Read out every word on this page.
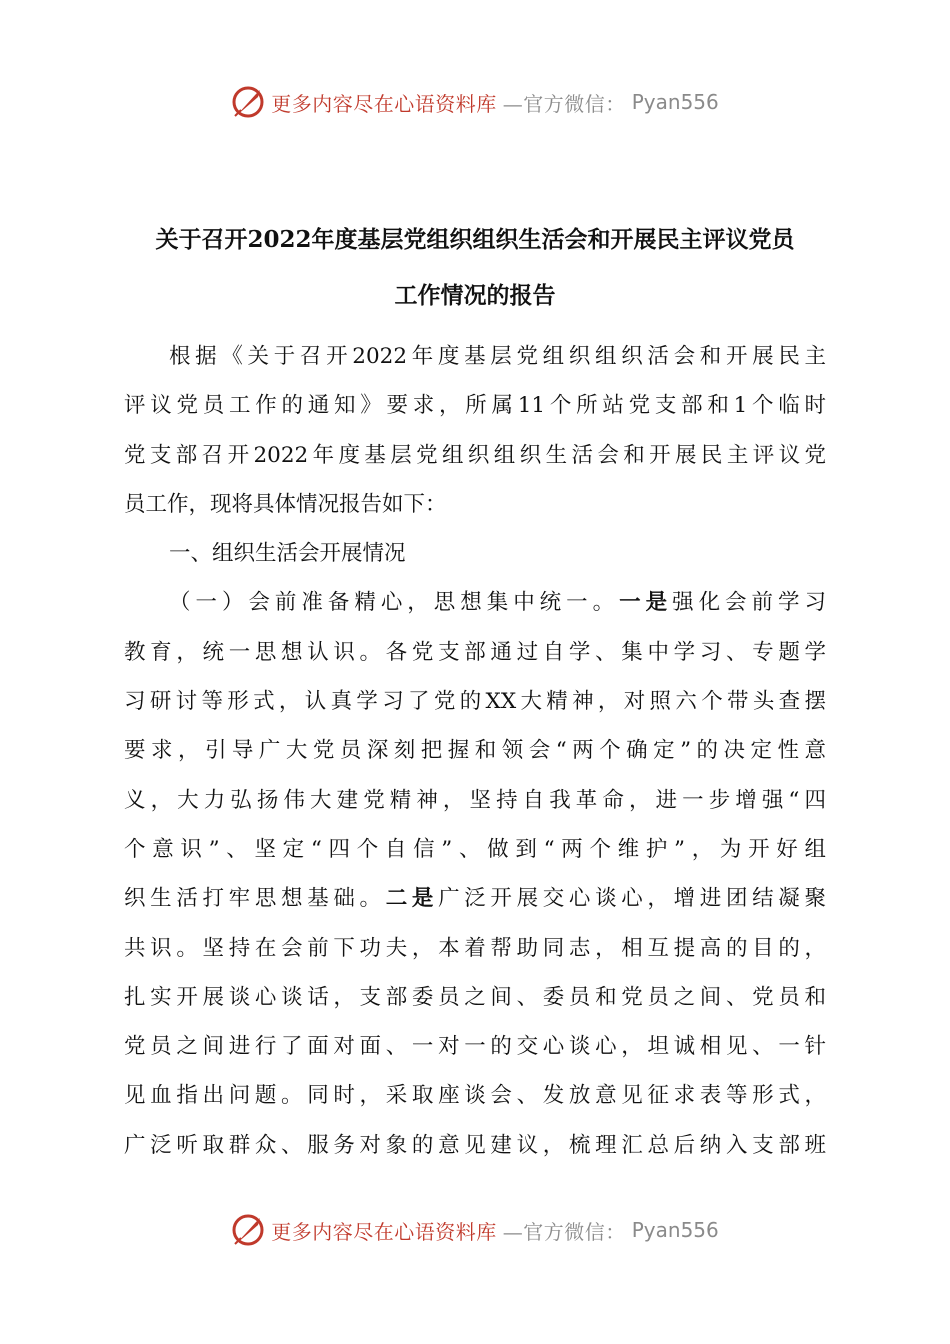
更多内容尽在心语资料库 —官方微信： Pyan556

关于召开2022年度基层党组织组织生活会和开展民主评议党员

工作情况的报告

根据《关于召开2022年度基层党组织组织活会和开展民主
评议党员工作的通知》要求，所属11个所站党支部和1个临时
党支部召开2022年度基层党组织组织生活会和开展民主评议党
员工作，现将具体情况报告如下：
一、组织生活会开展情况
（一）会前准备精心，思想集中统一。一是强化会前学习
教育，统一思想认识。各党支部通过自学、集中学习、专题学
习研讨等形式，认真学习了党的XX大精神，对照六个带头查摆
要求，引导广大党员深刻把握和领会“两个确定”的决定性意
义，大力弘扬伟大建党精神，坚持自我革命，进一步增强“四
个意识”、坚定“四个自信”、做到“两个维护”，为开好组
织生活打牢思想基础。二是广泛开展交心谈心，增进团结凝聚
共识。坚持在会前下功夫，本着帮助同志，相互提高的目的，
扎实开展谈心谈话，支部委员之间、委员和党员之间、党员和
党员之间进行了面对面、一对一的交心谈心，坦诚相见、一针
见血指出问题。同时，采取座谈会、发放意见征求表等形式，
广泛听取群众、服务对象的意见建议，梳理汇总后纳入支部班
更多内容尽在心语资料库 —官方微信： Pyan556
